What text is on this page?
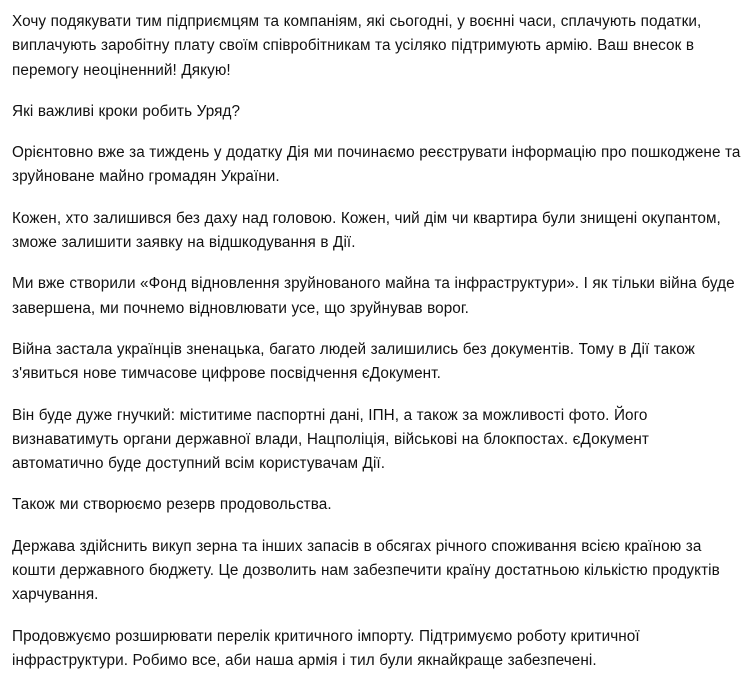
Хочу подякувати тим підприємцям та компаніям, які сьогодні, у воєнні часи, сплачують податки, виплачують заробітну плату своїм співробітникам та усіляко підтримують армію. Ваш внесок в перемогу неоціненний! Дякую!

Які важливі кроки робить Уряд?

Орієнтовно вже за тиждень у додатку Дія ми починаємо реєструвати інформацію про пошкоджене та зруйноване майно громадян України.

Кожен, хто залишився без даху над головою. Кожен, чий дім чи квартира були знищені окупантом, зможе залишити заявку на відшкодування в Дії.

Ми вже створили «Фонд відновлення зруйнованого майна та інфраструктури». І як тільки війна буде завершена, ми почнемо відновлювати усе, що зруйнував ворог.

Війна застала українців зненацька, багато людей залишились без документів. Тому в Дії також з'явиться нове тимчасове цифрове посвідчення єДокумент.

Він буде дуже гнучкий: міститиме паспортні дані, ІПН, а також за можливості фото. Його визнаватимуть органи державної влади, Нацполіція, військові на блокпостах. єДокумент автоматично буде доступний всім користувачам Дії.

Також ми створюємо резерв продовольства.

Держава здійснить викуп зерна та інших запасів в обсягах річного споживання всією країною за кошти державного бюджету. Це дозволить нам забезпечити країну достатньою кількістю продуктів харчування.

Продовжуємо розширювати перелік критичного імпорту. Підтримуємо роботу критичної інфраструктури. Робимо все, аби наша армія і тил були якнайкраще забезпечені.
